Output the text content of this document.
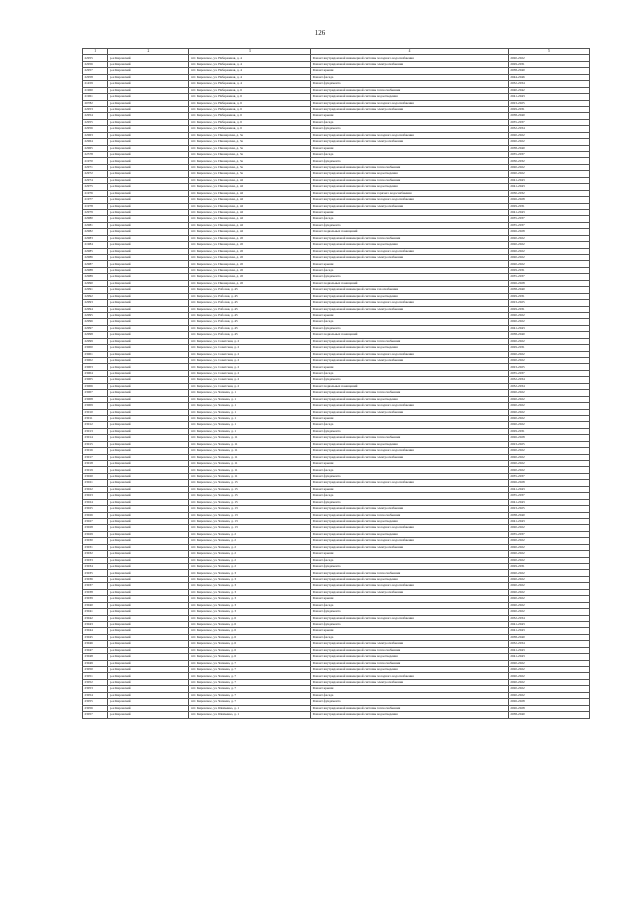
126
1	2	3	4	5
22955	р-н Кировский	пгт. Кировское, ул. Набережная, д. 4	Ремонт внутридомовой инженерной системы холодного водоснабжения	2020-2022
22956	р-н Кировский	пгт. Кировское, ул. Набережная, д. 4	Ремонт внутридомовой инженерной системы электроснабжения	2029-2031
22957	р-н Кировский	пгт. Кировское, ул. Набережная, д. 4	Ремонт крыши	2038-2040
22958	р-н Кировский	пгт. Кировское, ул. Набережная, д. 4	Ремонт фасада	2044-2046
21459	р-н Кировский	пгт. Кировское, ул. Набережная, д. 4	Ремонт фундамента	2032-2034
21960	р-н Кировский	пгт. Кировское, ул. Набережная, д. 6	Ремонт внутридомовой инженерной системы теплоснабжения	2040-2042
21961	р-н Кировский	пгт. Кировское, ул. Набережная, д. 6	Ремонт внутридомовой инженерной системы водоотведения	2041-2043
20782	р-н Кировский	пгт. Кировское, ул. Набережная, д. 6	Ремонт внутридомовой инженерной системы холодного водоснабжения	2023-2025
22953	р-н Кировский	пгт. Кировское, ул. Набережная, д. 6	Ремонт внутридомовой инженерной системы электроснабжения	2029-2031
22954	р-н Кировский	пгт. Кировское, ул. Набережная, д. 6	Ремонт крыши	2038-2040
22955	р-н Кировский	пгт. Кировское, ул. Набережная, д. 6	Ремонт фасада	2035-2037
22956	р-н Кировский	пгт. Кировское, ул. Набережная, д. 6	Ремонт фундамента	2032-2034
22963	р-н Кировский	пгт. Кировское, ул. Пионерская, д. 3а	Ремонт внутридомовой инженерной системы холодного водоснабжения	2020-2022
22964	р-н Кировский	пгт. Кировское, ул. Пионерская, д. 3а	Ремонт внутридомовой инженерной системы электроснабжения	2020-2022
22965	р-н Кировский	пгт. Кировское, ул. Пионерская, д. 3а	Ремонт крыши	2038-2040
22378	р-н Кировский	пгт. Кировское, ул. Пионерская, д. 3а	Ремонт фасада	2035-2037
21970	р-н Кировский	пгт. Кировское, ул. Пионерская, д. 3а	Ремонт фундамента	2030-2032
22971	р-н Кировский	пгт. Кировское, ул. Пионерская, д. 3а	Ремонт внутридомовой инженерной системы теплоснабжения	2020-2022
22972	р-н Кировский	пгт. Кировское, ул. Пионерская, д. 3а	Ремонт внутридомовой инженерной системы водоотведения	2020-2022
22974	р-н Кировский	пгт. Кировское, ул. Пионерская, д. 42	Ремонт внутридомовой инженерной системы теплоснабжения	2041-2043
22975	р-н Кировский	пгт. Кировское, ул. Пионерская, д. 42	Ремонт внутридомовой инженерной системы водоотведения	2041-2043
21976	р-н Кировский	пгт. Кировское, ул. Пионерская, д. 42	Ремонт внутридомовой инженерной системы горячего водоснабжения	2030-2032
21977	р-н Кировский	пгт. Кировское, ул. Пионерская, д. 42	Ремонт внутридомовой инженерной системы холодного водоснабжения	2026-2028
21978	р-н Кировский	пгт. Кировское, ул. Пионерская, д. 42	Ремонт внутридомовой инженерной системы электроснабжения	2029-2031
22979	р-н Кировский	пгт. Кировское, ул. Пионерская, д. 42	Ремонт крыши	2041-2043
22980	р-н Кировский	пгт. Кировское, ул. Пионерская, д. 42	Ремонт фасада	2035-2037
22981	р-н Кировский	пгт. Кировское, ул. Пионерская, д. 42	Ремонт фундамента	2035-2037
22982	р-н Кировский	пгт. Кировское, ул. Пионерская, д. 42	Ремонт подвальных помещений	2026-2028
22983	р-н Кировский	пгт. Кировское, ул. Пионерская, д. 45	Ремонт внутридомовой инженерной системы теплоснабжения	2020-2022
21984	р-н Кировский	пгт. Кировское, ул. Пионерская, д. 45	Ремонт внутридомовой инженерной системы водоотведения	2020-2022
22985	р-н Кировский	пгт. Кировское, ул. Пионерская, д. 45	Ремонт внутридомовой инженерной системы холодного водоснабжения	2020-2022
22986	р-н Кировский	пгт. Кировское, ул. Пионерская, д. 45	Ремонт внутридомовой инженерной системы электроснабжения	2020-2022
22987	р-н Кировский	пгт. Кировское, ул. Пионерская, д. 45	Ремонт крыши	2020-2022
22988	р-н Кировский	пгт. Кировское, ул. Пионерская, д. 45	Ремонт фасада	2029-2031
22989	р-н Кировский	пгт. Кировское, ул. Пионерская, д. 45	Ремонт фундамента	2035-2037
22990	р-н Кировский	пгт. Кировское, ул. Пионерская, д. 45	Ремонт подвальных помещений	2026-2028
22991	р-н Кировский	пгт. Кировское, ул. Рабочая, д. 45	Ремонт внутридомовой инженерной системы газоснабжения	2038-2040
22992	р-н Кировский	пгт. Кировское, ул. Рабочая, д. 45	Ремонт внутридомовой инженерной системы водоотведения	2029-2031
22993	р-н Кировский	пгт. Кировское, ул. Рабочая, д. 45	Ремонт внутридомовой инженерной системы холодного водоснабжения	2023-2025
22994	р-н Кировский	пгт. Кировское, ул. Рабочая, д. 45	Ремонт внутридомовой инженерной системы электроснабжения	2029-2031
22995	р-н Кировский	пгт. Кировское, ул. Рабочая, д. 45	Ремонт крыши	2020-2022
22996	р-н Кировский	пгт. Кировское, ул. Рабочая, д. 45	Ремонт фасада	2020-2022
22997	р-н Кировский	пгт. Кировское, ул. Рабочая, д. 45	Ремонт фундамента	2041-2043
22998	р-н Кировский	пгт. Кировское, ул. Рабочая, д. 45	Ремонт подвальных помещений	2038-2040
22999	р-н Кировский	пгт. Кировское, ул. Советская, д. 2	Ремонт внутридомовой инженерной системы теплоснабжения	2020-2022
23000	р-н Кировский	пгт. Кировское, ул. Советская, д. 2	Ремонт внутридомовой инженерной системы водоотведения	2029-2031
23001	р-н Кировский	пгт. Кировское, ул. Советская, д. 2	Ремонт внутридомовой инженерной системы холодного водоснабжения	2020-2022
23002	р-н Кировский	пгт. Кировское, ул. Советская, д. 2	Ремонт внутридомовой инженерной системы электроснабжения	2020-2022
23003	р-н Кировский	пгт. Кировское, ул. Советская, д. 2	Ремонт крыши	2023-2025
23004	р-н Кировский	пгт. Кировское, ул. Советская, д. 2	Ремонт фасада	2035-2037
23005	р-н Кировский	пгт. Кировское, ул. Советская, д. 2	Ремонт фундамента	2032-2034
23006	р-н Кировский	пгт. Кировское, ул. Советская, д. 2	Ремонт подвальных помещений	2032-2034
23007	р-н Кировский	пгт. Кировское, ул. Чапаева, д. 1	Ремонт внутридомовой инженерной системы теплоснабжения	2020-2022
23008	р-н Кировский	пгт. Кировское, ул. Чапаева, д. 1	Ремонт внутридомовой инженерной системы водоотведения	2020-2022
23009	р-н Кировский	пгт. Кировское, ул. Чапаева, д. 1	Ремонт внутридомовой инженерной системы холодного водоснабжения	2020-2022
23010	р-н Кировский	пгт. Кировское, ул. Чапаева, д. 1	Ремонт внутридомовой инженерной системы электроснабжения	2020-2022
23011	р-н Кировский	пгт. Кировское, ул. Чапаева, д. 1	Ремонт крыши	2020-2022
23012	р-н Кировский	пгт. Кировское, ул. Чапаева, д. 1	Ремонт фасада	2020-2022
23013	р-н Кировский	пгт. Кировское, ул. Чапаева, д. 1	Ремонт фундамента	2029-2031
23014	р-н Кировский	пгт. Кировское, ул. Чапаева, д. 11	Ремонт внутридомовой инженерной системы теплоснабжения	2026-2028
23015	р-н Кировский	пгт. Кировское, ул. Чапаева, д. 11	Ремонт внутридомовой инженерной системы водоотведения	2023-2025
23016	р-н Кировский	пгт. Кировское, ул. Чапаева, д. 11	Ремонт внутридомовой инженерной системы холодного водоснабжения	2020-2022
23017	р-н Кировский	пгт. Кировское, ул. Чапаева, д. 11	Ремонт внутридомовой инженерной системы электроснабжения	2020-2022
23018	р-н Кировский	пгт. Кировское, ул. Чапаева, д. 11	Ремонт крыши	2020-2022
23019	р-н Кировский	пгт. Кировское, ул. Чапаева, д. 11	Ремонт фасада	2020-2022
23020	р-н Кировский	пгт. Кировское, ул. Чапаева, д. 11	Ремонт фундамента	2035-2037
23021	р-н Кировский	пгт. Кировское, ул. Чапаева, д. 15	Ремонт внутридомовой инженерной системы холодного водоснабжения	2026-2028
23022	р-н Кировский	пгт. Кировское, ул. Чапаева, д. 15	Ремонт крыши	2041-2043
23023	р-н Кировский	пгт. Кировское, ул. Чапаева, д. 15	Ремонт фасада	2035-2037
23024	р-н Кировский	пгт. Кировское, ул. Чапаева, д. 15	Ремонт фундамента	2041-2043
23025	р-н Кировский	пгт. Кировское, ул. Чапаева, д. 13	Ремонт внутридомовой инженерной системы электроснабжения	2023-2025
23026	р-н Кировский	пгт. Кировское, ул. Чапаева, д. 13	Ремонт внутридомовой инженерной системы теплоснабжения	2038-2040
23027	р-н Кировский	пгт. Кировское, ул. Чапаева, д. 13	Ремонт внутридомовой инженерной системы водоотведения	2041-2043
23028	р-н Кировский	пгт. Кировское, ул. Чапаева, д. 13	Ремонт внутридомовой инженерной системы холодного водоснабжения	2020-2022
23029	р-н Кировский	пгт. Кировское, ул. Чапаева, д. 2	Ремонт внутридомовой инженерной системы водоотведения	2035-2037
23030	р-н Кировский	пгт. Кировское, ул. Чапаева, д. 2	Ремонт внутридомовой инженерной системы холодного водоснабжения	2020-2022
23031	р-н Кировский	пгт. Кировское, ул. Чапаева, д. 2	Ремонт внутридомовой инженерной системы электроснабжения	2020-2022
23032	р-н Кировский	пгт. Кировское, ул. Чапаева, д. 2	Ремонт крыши	2020-2022
23033	р-н Кировский	пгт. Кировское, ул. Чапаева, д. 2	Ремонт фасада	2020-2022
23034	р-н Кировский	пгт. Кировское, ул. Чапаева, д. 2	Ремонт фундамента	2029-2031
23035	р-н Кировский	пгт. Кировское, ул. Чапаева, д. 3	Ремонт внутридомовой инженерной системы теплоснабжения	2020-2022
23036	р-н Кировский	пгт. Кировское, ул. Чапаева, д. 3	Ремонт внутридомовой инженерной системы водоотведения	2020-2022
23037	р-н Кировский	пгт. Кировское, ул. Чапаева, д. 3	Ремонт внутридомовой инженерной системы холодного водоснабжения	2020-2022
23038	р-н Кировский	пгт. Кировское, ул. Чапаева, д. 3	Ремонт внутридомовой инженерной системы электроснабжения	2020-2022
23039	р-н Кировский	пгт. Кировское, ул. Чапаева, д. 3	Ремонт крыши	2020-2022
23040	р-н Кировский	пгт. Кировское, ул. Чапаева, д. 3	Ремонт фасада	2020-2022
23041	р-н Кировский	пгт. Кировское, ул. Чапаева, д. 3	Ремонт фундамента	2020-2022
23042	р-н Кировский	пгт. Кировское, ул. Чапаева, д. 6	Ремонт внутридомовой инженерной системы холодного водоснабжения	2032-2034
23043	р-н Кировский	пгт. Кировское, ул. Чапаева, д. 6	Ремонт фундамента	2041-2043
23044	р-н Кировский	пгт. Кировское, ул. Чапаева, д. 6	Ремонт крыши	2041-2043
23045	р-н Кировский	пгт. Кировское, ул. Чапаева, д. 6	Ремонт фасада	2038-2040
23046	р-н Кировский	пгт. Кировское, ул. Чапаева, д. 6	Ремонт внутридомовой инженерной системы электроснабжения	2032-2034
23047	р-н Кировский	пгт. Кировское, ул. Чапаева, д. 6	Ремонт внутридомовой инженерной системы теплоснабжения	2041-2043
23048	р-н Кировский	пгт. Кировское, ул. Чапаева, д. 6	Ремонт внутридомовой инженерной системы водоотведения	2041-2043
23049	р-н Кировский	пгт. Кировское, ул. Чапаева, д. 7	Ремонт внутридомовой инженерной системы теплоснабжения	2020-2022
23050	р-н Кировский	пгт. Кировское, ул. Чапаева, д. 7	Ремонт внутридомовой инженерной системы водоотведения	2020-2022
23051	р-н Кировский	пгт. Кировское, ул. Чапаева, д. 7	Ремонт внутридомовой инженерной системы холодного водоснабжения	2020-2022
23052	р-н Кировский	пгт. Кировское, ул. Чапаева, д. 7	Ремонт внутридомовой инженерной системы электроснабжения	2020-2022
23053	р-н Кировский	пгт. Кировское, ул. Чапаева, д. 7	Ремонт крыши	2020-2022
23054	р-н Кировский	пгт. Кировское, ул. Чапаева, д. 7	Ремонт фасада	2020-2022
23055	р-н Кировский	пгт. Кировское, ул. Чапаева, д. 7	Ремонт фундамента	2026-2028
23056	р-н Кировский	пгт. Кировское, ул. Шевченко, д. 1	Ремонт внутридомовой инженерной системы теплоснабжения	2026-2028
23057	р-н Кировский	пгт. Кировское, ул. Шевченко, д. 1	Ремонт внутридомовой инженерной системы водоотведения	2038-2040
